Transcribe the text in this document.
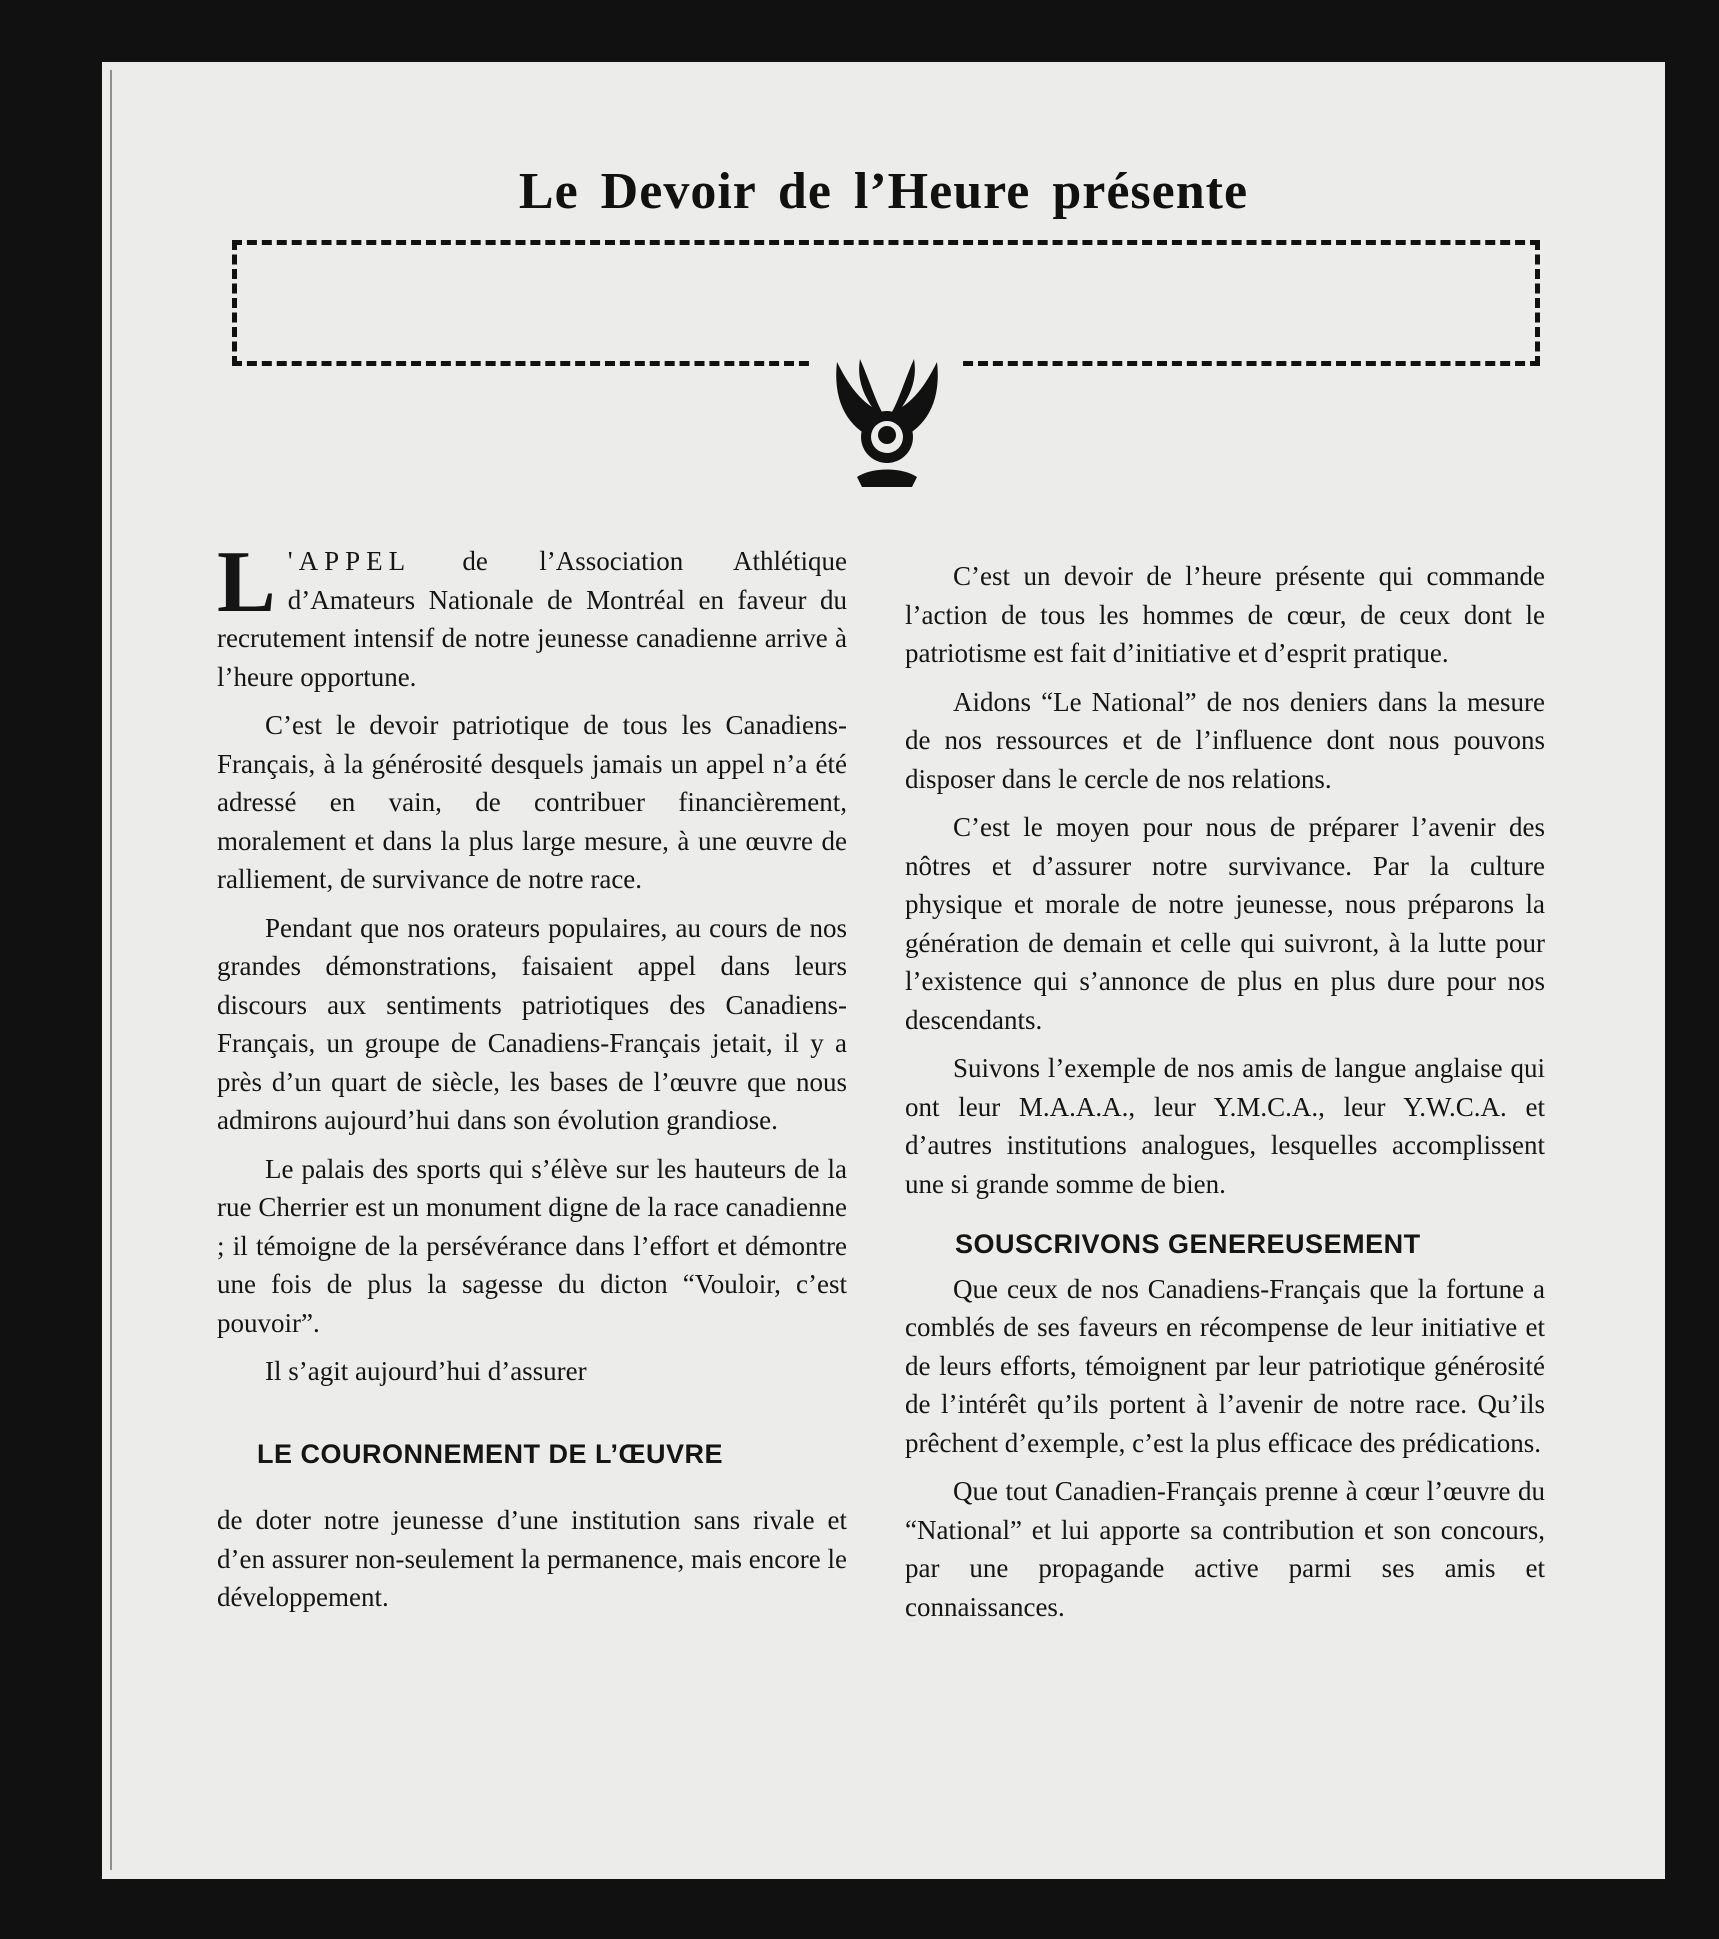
Le Devoir de l’Heure présente

L 'APPEL de l’Association Athlétique d’Amateurs Nationale de Montréal en faveur du recrutement intensif de notre jeunesse canadienne arrive à l’heure opportune.

C’est le devoir patriotique de tous les Canadiens-Français, à la générosité desquels jamais un appel n’a été adressé en vain, de contribuer financièrement, moralement et dans la plus large mesure, à une œuvre de ralliement, de survivance de notre race.

Pendant que nos orateurs populaires, au cours de nos grandes démonstrations, faisaient appel dans leurs discours aux sentiments patriotiques des Canadiens-Français, un groupe de Canadiens-Français jetait, il y a près d’un quart de siècle, les bases de l’œuvre que nous admirons aujourd’hui dans son évolution grandiose.

Le palais des sports qui s’élève sur les hauteurs de la rue Cherrier est un monument digne de la race canadienne ; il témoigne de la persévérance dans l’effort et démontre une fois de plus la sagesse du dicton “Vouloir, c’est pouvoir”.

Il s’agit aujourd’hui d’assurer

LE COURONNEMENT DE L’ŒUVRE

de doter notre jeunesse d’une institution sans rivale et d’en assurer non-seulement la permanence, mais encore le développement.

C’est un devoir de l’heure présente qui commande l’action de tous les hommes de cœur, de ceux dont le patriotisme est fait d’initiative et d’esprit pratique.

Aidons “Le National” de nos deniers dans la mesure de nos ressources et de l’influence dont nous pouvons disposer dans le cercle de nos relations.

C’est le moyen pour nous de préparer l’avenir des nôtres et d’assurer notre survivance. Par la culture physique et morale de notre jeunesse, nous préparons la génération de demain et celle qui suivront, à la lutte pour l’existence qui s’annonce de plus en plus dure pour nos descendants.

Suivons l’exemple de nos amis de langue anglaise qui ont leur M.A.A.A., leur Y.M.C.A., leur Y.W.C.A. et d’autres institutions analogues, lesquelles accomplissent une si grande somme de bien.

SOUSCRIVONS GENEREUSEMENT

Que ceux de nos Canadiens-Français que la fortune a comblés de ses faveurs en récompense de leur initiative et de leurs efforts, témoignent par leur patriotique générosité de l’intérêt qu’ils portent à l’avenir de notre race. Qu’ils prêchent d’exemple, c’est la plus efficace des prédications.

Que tout Canadien-Français prenne à cœur l’œuvre du “National” et lui apporte sa contribution et son concours, par une propagande active parmi ses amis et connaissances.
